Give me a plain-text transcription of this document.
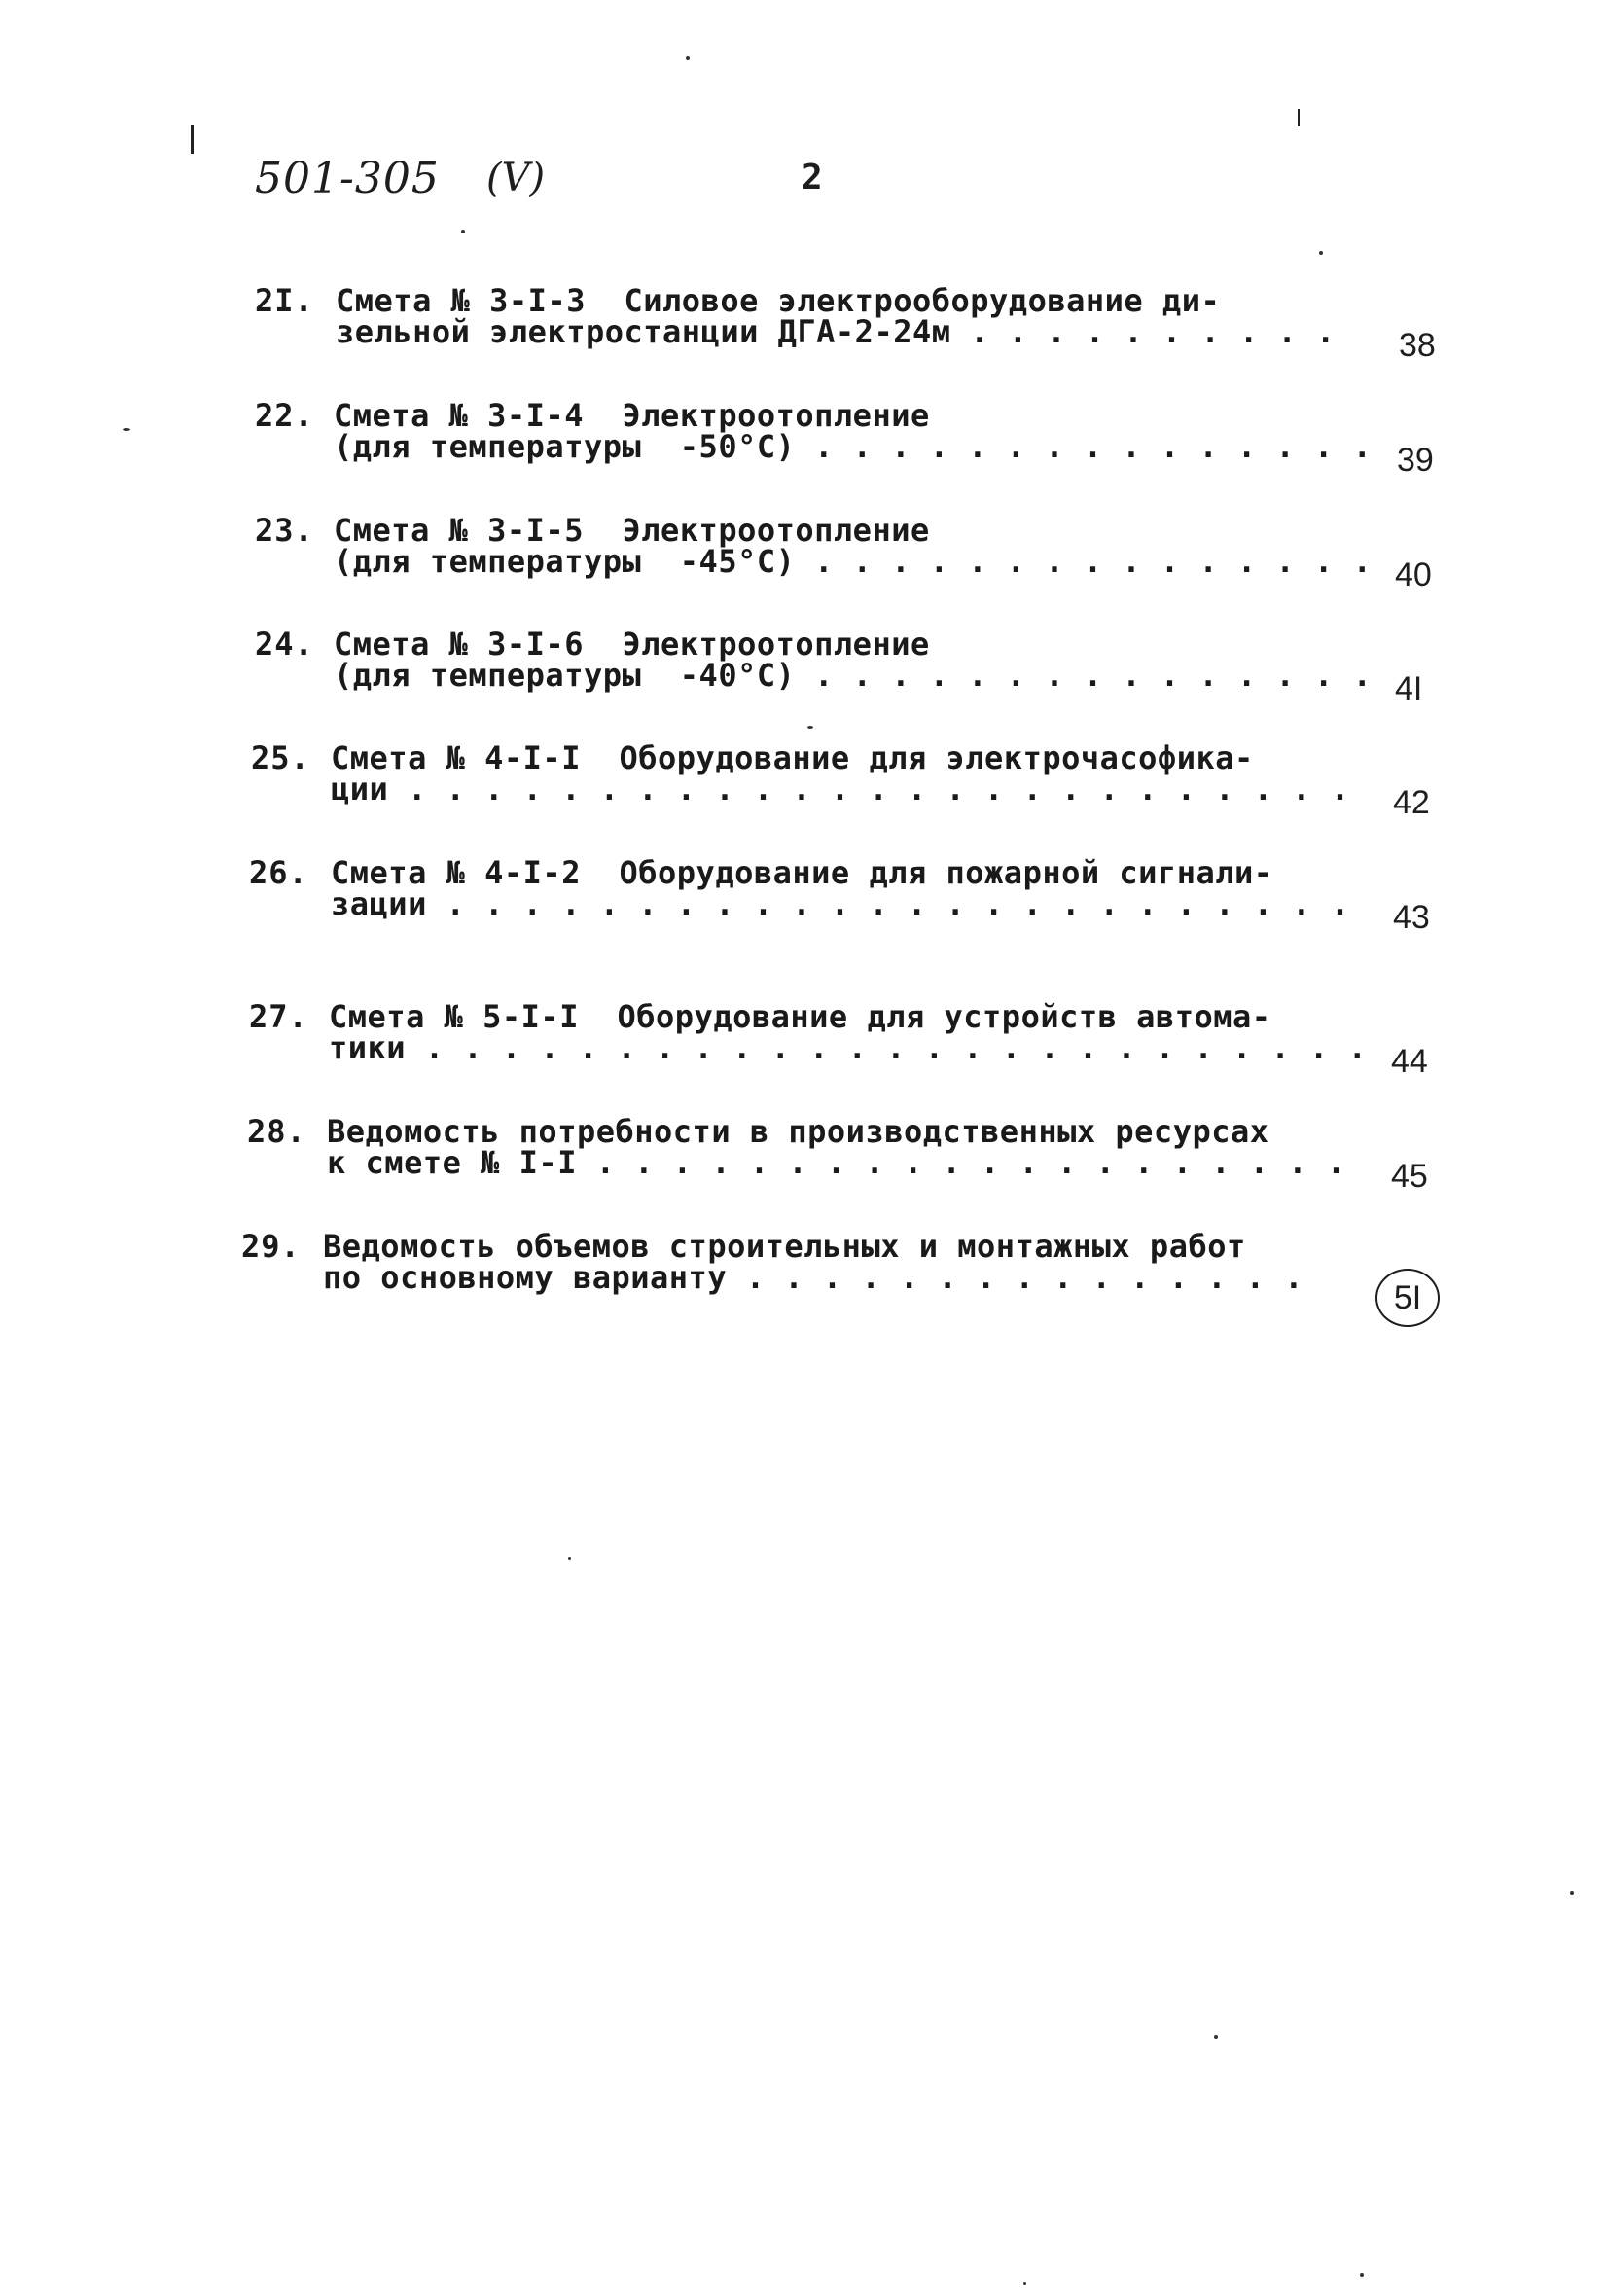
501-305 (Ⅴ)	2
2I. Смета № 3-I-3  Силовое электрооборудование ди-
зельной электростанции ДГА-2-24м . . . . . . . . . . 38
22. Смета № 3-I-4  Электроотопление
(для температуры  -50°C) . . . . . . . . . . . . . . . 39
23. Смета № 3-I-5  Электроотопление
(для температуры  -45°C) . . . . . . . . . . . . . . . 40
24. Смета № 3-I-6  Электроотопление
(для температуры  -40°C) . . . . . . . . . . . . . . . 4I
25. Смета № 4-I-I  Оборудование для электрочасофика-
ции . . . . . . . . . . . . . . . . . . . . . . . . . 42
26. Смета № 4-I-2  Оборудование для пожарной сигнали-
зации . . . . . . . . . . . . . . . . . . . . . . . . 43
27. Смета № 5-I-I  Оборудование для устройств автома-
тики . . . . . . . . . . . . . . . . . . . . . . . . . 44
28. Ведомость потребности в производственных ресурсах
к смете № I-I . . . . . . . . . . . . . . . . . . . . 45
29. Ведомость объемов строительных и монтажных работ
по основному варианту . . . . . . . . . . . . . . .
5I
